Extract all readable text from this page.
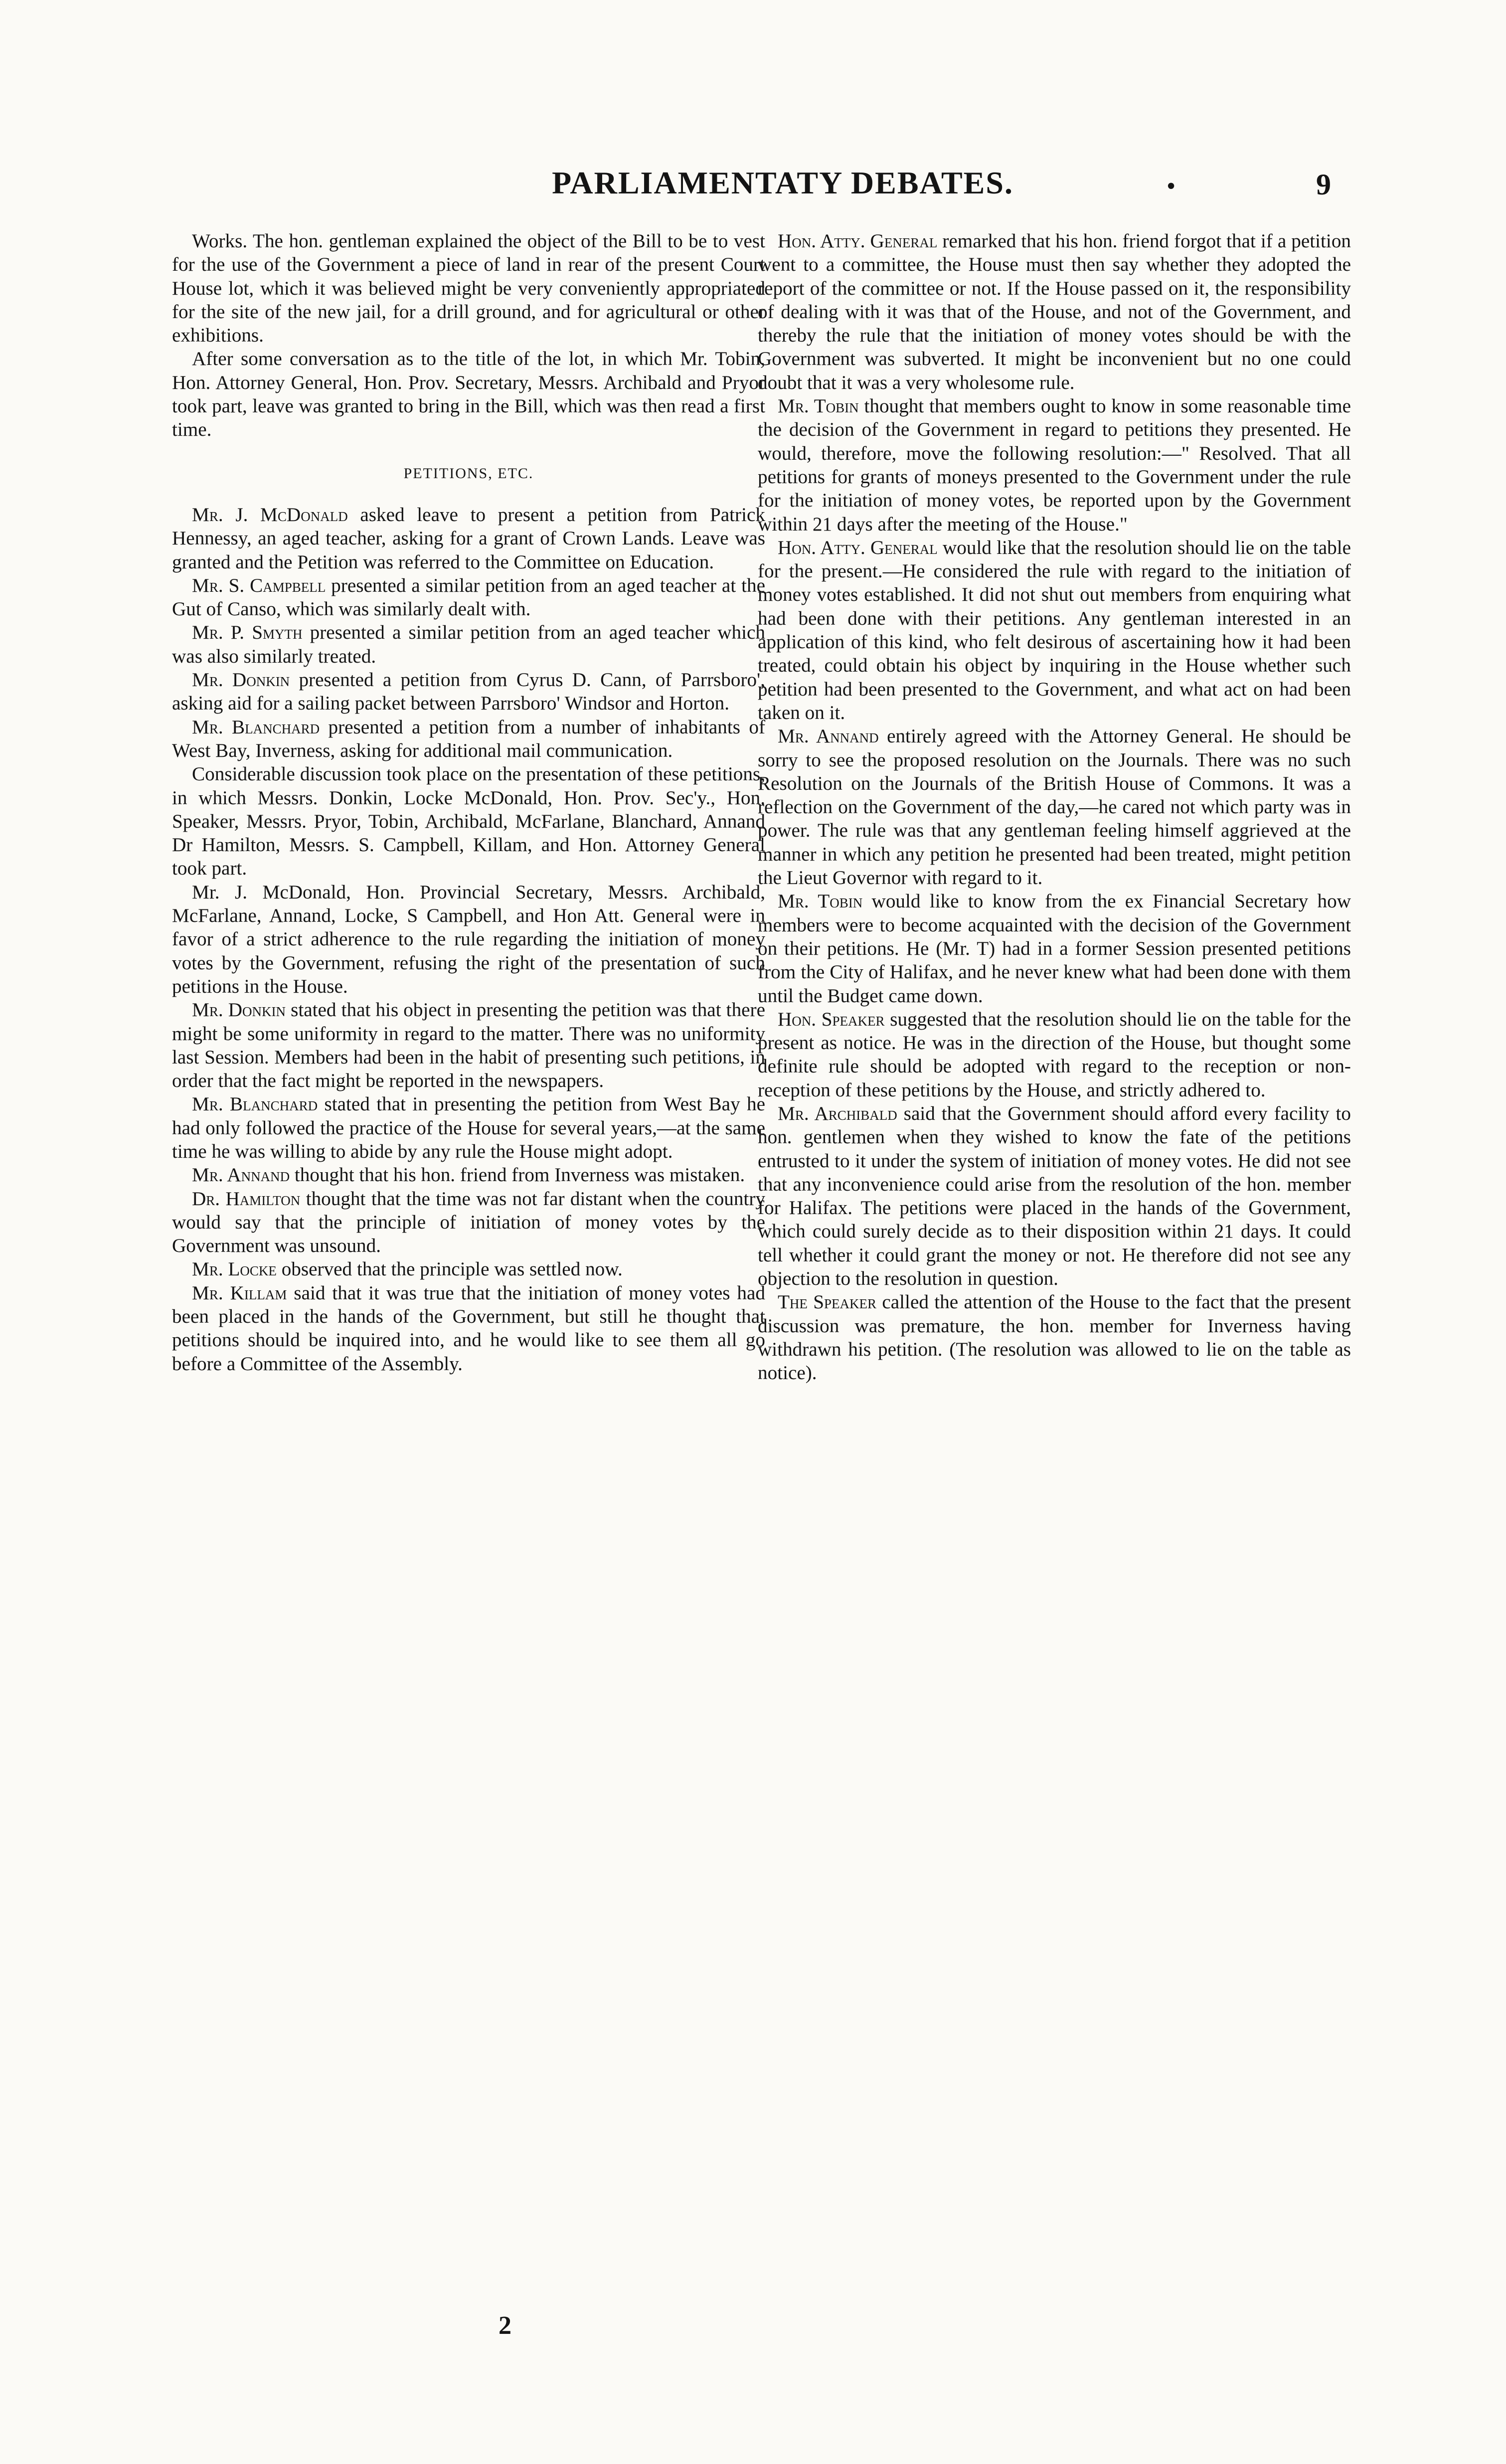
PARLIAMENTATY DEBATES.	•	9

Works. The hon. gentleman explained the object of the Bill to be to vest for the use of the Government a piece of land in rear of the present Court House lot, which it was believed might be very conveniently appropriated for the site of the new jail, for a drill ground, and for agricultural or other exhibitions.

After some conversation as to the title of the lot, in which Mr. Tobin, Hon. Attorney General, Hon. Prov. Secretary, Messrs. Archibald and Pryor took part, leave was granted to bring in the Bill, which was then read a first time.

PETITIONS, ETC.

Mr. J. McDonald asked leave to present a petition from Patrick Hennessy, an aged teacher, asking for a grant of Crown Lands. Leave was granted and the Petition was referred to the Committee on Education.

Mr. S. Campbell presented a similar petition from an aged teacher at the Gut of Canso, which was similarly dealt with.

Mr. P. Smyth presented a similar petition from an aged teacher which was also similarly treated.

Mr. Donkin presented a petition from Cyrus D. Cann, of Parrsboro', asking aid for a sailing packet between Parrsboro' Windsor and Horton.

Mr. Blanchard presented a petition from a number of inhabitants of West Bay, Inverness, asking for additional mail communication.

Considerable discussion took place on the presentation of these petitions, in which Messrs. Donkin, Locke McDonald, Hon. Prov. Sec'y., Hon. Speaker, Messrs. Pryor, Tobin, Archibald, McFarlane, Blanchard, Annand Dr Hamilton, Messrs. S. Campbell, Killam, and Hon. Attorney General took part.

Mr. J. McDonald, Hon. Provincial Secretary, Messrs. Archibald, McFarlane, Annand, Locke, S Campbell, and Hon Att. General were in favor of a strict adherence to the rule regarding the initiation of money votes by the Government, refusing the right of the presentation of such petitions in the House.

Mr. Donkin stated that his object in presenting the petition was that there might be some uniformity in regard to the matter. There was no uniformity last Session. Members had been in the habit of presenting such petitions, in order that the fact might be reported in the newspapers.

Mr. Blanchard stated that in presenting the petition from West Bay he had only followed the practice of the House for several years,—at the same time he was willing to abide by any rule the House might adopt.

Mr. Annand thought that his hon. friend from Inverness was mistaken.

Dr. Hamilton thought that the time was not far distant when the country would say that the principle of initiation of money votes by the Government was unsound.

Mr. Locke observed that the principle was settled now.

Mr. Killam said that it was true that the initiation of money votes had been placed in the hands of the Government, but still he thought that petitions should be inquired into, and he would like to see them all go before a Committee of the Assembly.

Hon. Atty. General remarked that his hon. friend forgot that if a petition went to a committee, the House must then say whether they adopted the report of the committee or not. If the House passed on it, the responsibility of dealing with it was that of the House, and not of the Government, and thereby the rule that the initiation of money votes should be with the Government was subverted. It might be inconvenient but no one could doubt that it was a very wholesome rule.

Mr. Tobin thought that members ought to know in some reasonable time the decision of the Government in regard to petitions they presented. He would, therefore, move the following resolution:—" Resolved. That all petitions for grants of moneys presented to the Government under the rule for the initiation of money votes, be reported upon by the Government within 21 days after the meeting of the House."

Hon. Atty. General would like that the resolution should lie on the table for the present.—He considered the rule with regard to the initiation of money votes established. It did not shut out members from enquiring what had been done with their petitions. Any gentleman interested in an application of this kind, who felt desirous of ascertaining how it had been treated, could obtain his object by inquiring in the House whether such petition had been presented to the Government, and what act on had been taken on it.

Mr. Annand entirely agreed with the Attorney General. He should be sorry to see the proposed resolution on the Journals. There was no such Resolution on the Journals of the British House of Commons. It was a reflection on the Government of the day,—he cared not which party was in power. The rule was that any gentleman feeling himself aggrieved at the manner in which any petition he presented had been treated, might petition the Lieut Governor with regard to it.

Mr. Tobin would like to know from the ex Financial Secretary how members were to become acquainted with the decision of the Government on their petitions. He (Mr. T) had in a former Session presented petitions from the City of Halifax, and he never knew what had been done with them until the Budget came down.

Hon. Speaker suggested that the resolution should lie on the table for the present as notice. He was in the direction of the House, but thought some definite rule should be adopted with regard to the reception or non-reception of these petitions by the House, and strictly adhered to.

Mr. Archibald said that the Government should afford every facility to hon. gentlemen when they wished to know the fate of the petitions entrusted to it under the system of initiation of money votes. He did not see that any inconvenience could arise from the resolution of the hon. member for Halifax. The petitions were placed in the hands of the Government, which could surely decide as to their disposition within 21 days. It could tell whether it could grant the money or not. He therefore did not see any objection to the resolution in question.

The Speaker called the attention of the House to the fact that the present discussion was premature, the hon. member for Inverness having withdrawn his petition. (The resolution was allowed to lie on the table as notice).

2
